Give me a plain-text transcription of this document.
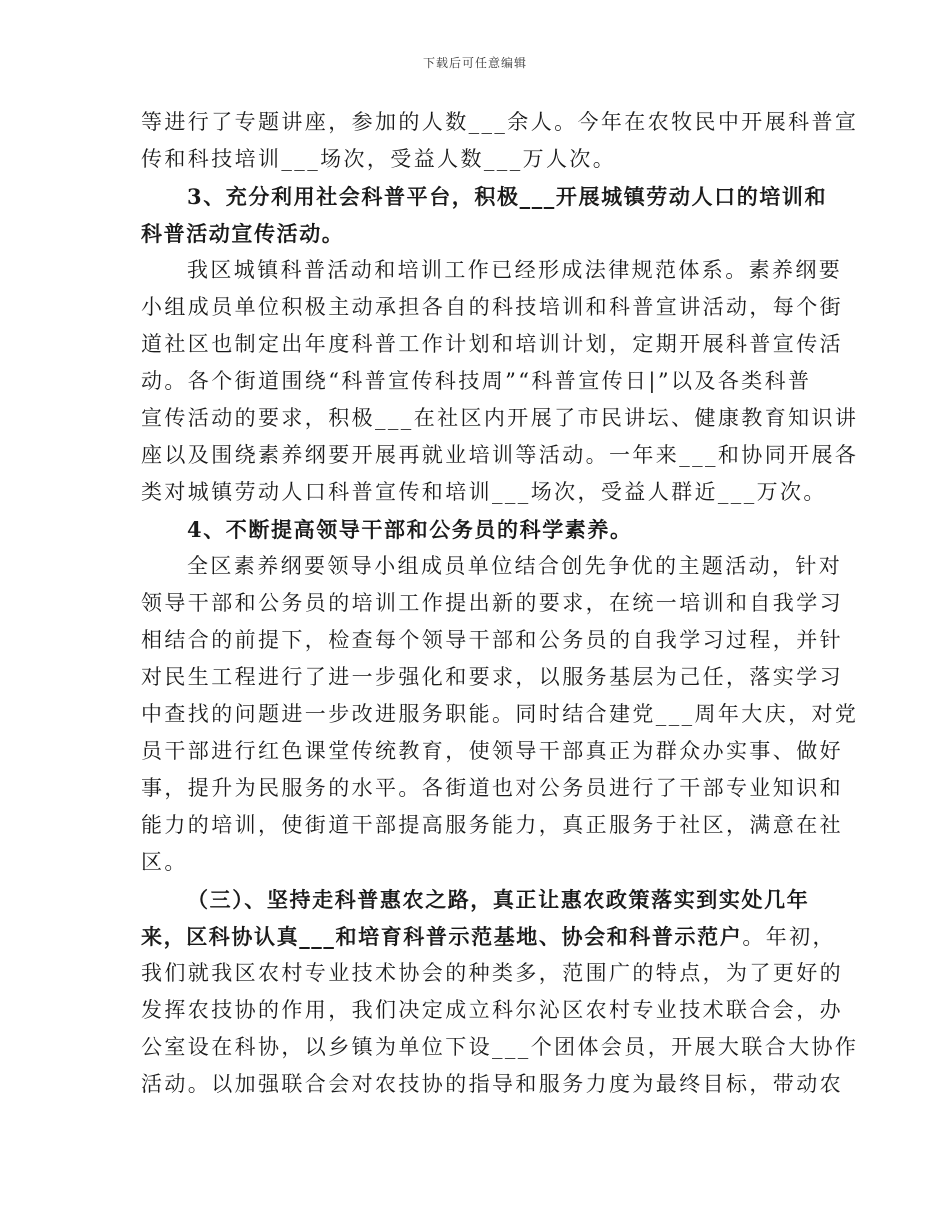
下载后可任意编辑
等进行了专题讲座，参加的人数___余人。今年在农牧民中开展科普宣
传和科技培训___场次，受益人数___万人次。
3、充分利用社会科普平台，积极___开展城镇劳动人口的培训和
科普活动宣传活动。
我区城镇科普活动和培训工作已经形成法律规范体系。素养纲要
小组成员单位积极主动承担各自的科技培训和科普宣讲活动，每个街
道社区也制定出年度科普工作计划和培训计划，定期开展科普宣传活
动。各个街道围绕“科普宣传科技周”“科普宣传日|”以及各类科普
宣传活动的要求，积极___在社区内开展了市民讲坛、健康教育知识讲
座以及围绕素养纲要开展再就业培训等活动。一年来___和协同开展各
类对城镇劳动人口科普宣传和培训___场次，受益人群近___万次。
4、不断提高领导干部和公务员的科学素养。
全区素养纲要领导小组成员单位结合创先争优的主题活动，针对
领导干部和公务员的培训工作提出新的要求，在统一培训和自我学习
相结合的前提下，检查每个领导干部和公务员的自我学习过程，并针
对民生工程进行了进一步强化和要求，以服务基层为己任，落实学习
中查找的问题进一步改进服务职能。同时结合建党___周年大庆，对党
员干部进行红色课堂传统教育，使领导干部真正为群众办实事、做好
事，提升为民服务的水平。各街道也对公务员进行了干部专业知识和
能力的培训，使街道干部提高服务能力，真正服务于社区，满意在社
区。
（三）、坚持走科普惠农之路，真正让惠农政策落实到实处几年
来，区科协认真___和培育科普示范基地、协会和科普示范户。年初，
我们就我区农村专业技术协会的种类多，范围广的特点，为了更好的
发挥农技协的作用，我们决定成立科尔沁区农村专业技术联合会，办
公室设在科协，以乡镇为单位下设___个团体会员，开展大联合大协作
活动。以加强联合会对农技协的指导和服务力度为最终目标，带动农
